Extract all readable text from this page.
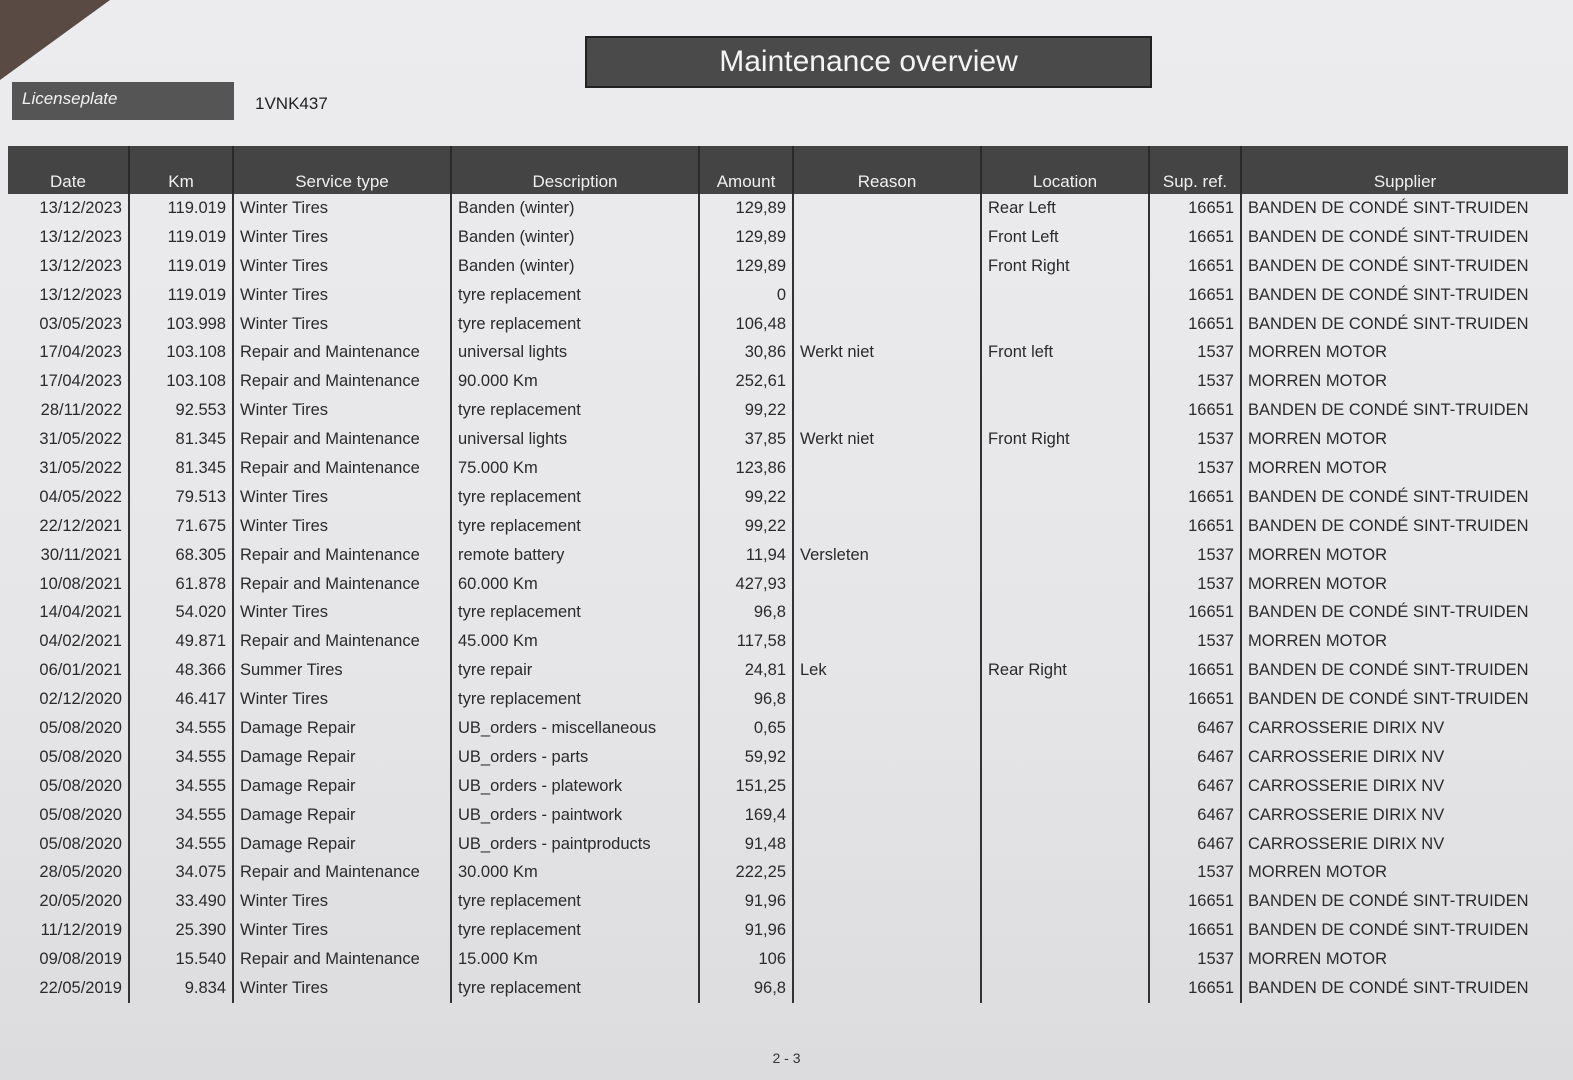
Maintenance overview
Licenseplate	1VNK437
Date	Km	Service type	Description	Amount	Reason	Location	Sup. ref.	Supplier
13/12/2023	119.019	Winter Tires	Banden (winter)	129,89		Rear Left	16651	BANDEN DE CONDÉ SINT-TRUIDEN
13/12/2023	119.019	Winter Tires	Banden (winter)	129,89		Front Left	16651	BANDEN DE CONDÉ SINT-TRUIDEN
13/12/2023	119.019	Winter Tires	Banden (winter)	129,89		Front Right	16651	BANDEN DE CONDÉ SINT-TRUIDEN
13/12/2023	119.019	Winter Tires	tyre replacement	0			16651	BANDEN DE CONDÉ SINT-TRUIDEN
03/05/2023	103.998	Winter Tires	tyre replacement	106,48			16651	BANDEN DE CONDÉ SINT-TRUIDEN
17/04/2023	103.108	Repair and Maintenance	universal lights	30,86	Werkt niet	Front left	1537	MORREN MOTOR
17/04/2023	103.108	Repair and Maintenance	90.000 Km	252,61			1537	MORREN MOTOR
28/11/2022	92.553	Winter Tires	tyre replacement	99,22			16651	BANDEN DE CONDÉ SINT-TRUIDEN
31/05/2022	81.345	Repair and Maintenance	universal lights	37,85	Werkt niet	Front Right	1537	MORREN MOTOR
31/05/2022	81.345	Repair and Maintenance	75.000 Km	123,86			1537	MORREN MOTOR
04/05/2022	79.513	Winter Tires	tyre replacement	99,22			16651	BANDEN DE CONDÉ SINT-TRUIDEN
22/12/2021	71.675	Winter Tires	tyre replacement	99,22			16651	BANDEN DE CONDÉ SINT-TRUIDEN
30/11/2021	68.305	Repair and Maintenance	remote battery	11,94	Versleten		1537	MORREN MOTOR
10/08/2021	61.878	Repair and Maintenance	60.000 Km	427,93			1537	MORREN MOTOR
14/04/2021	54.020	Winter Tires	tyre replacement	96,8			16651	BANDEN DE CONDÉ SINT-TRUIDEN
04/02/2021	49.871	Repair and Maintenance	45.000 Km	117,58			1537	MORREN MOTOR
06/01/2021	48.366	Summer Tires	tyre repair	24,81	Lek	Rear Right	16651	BANDEN DE CONDÉ SINT-TRUIDEN
02/12/2020	46.417	Winter Tires	tyre replacement	96,8			16651	BANDEN DE CONDÉ SINT-TRUIDEN
05/08/2020	34.555	Damage Repair	UB_orders - miscellaneous	0,65			6467	CARROSSERIE DIRIX NV
05/08/2020	34.555	Damage Repair	UB_orders - parts	59,92			6467	CARROSSERIE DIRIX NV
05/08/2020	34.555	Damage Repair	UB_orders - platework	151,25			6467	CARROSSERIE DIRIX NV
05/08/2020	34.555	Damage Repair	UB_orders - paintwork	169,4			6467	CARROSSERIE DIRIX NV
05/08/2020	34.555	Damage Repair	UB_orders - paintproducts	91,48			6467	CARROSSERIE DIRIX NV
28/05/2020	34.075	Repair and Maintenance	30.000 Km	222,25			1537	MORREN MOTOR
20/05/2020	33.490	Winter Tires	tyre replacement	91,96			16651	BANDEN DE CONDÉ SINT-TRUIDEN
11/12/2019	25.390	Winter Tires	tyre replacement	91,96			16651	BANDEN DE CONDÉ SINT-TRUIDEN
09/08/2019	15.540	Repair and Maintenance	15.000 Km	106			1537	MORREN MOTOR
22/05/2019	9.834	Winter Tires	tyre replacement	96,8			16651	BANDEN DE CONDÉ SINT-TRUIDEN
2 - 3
